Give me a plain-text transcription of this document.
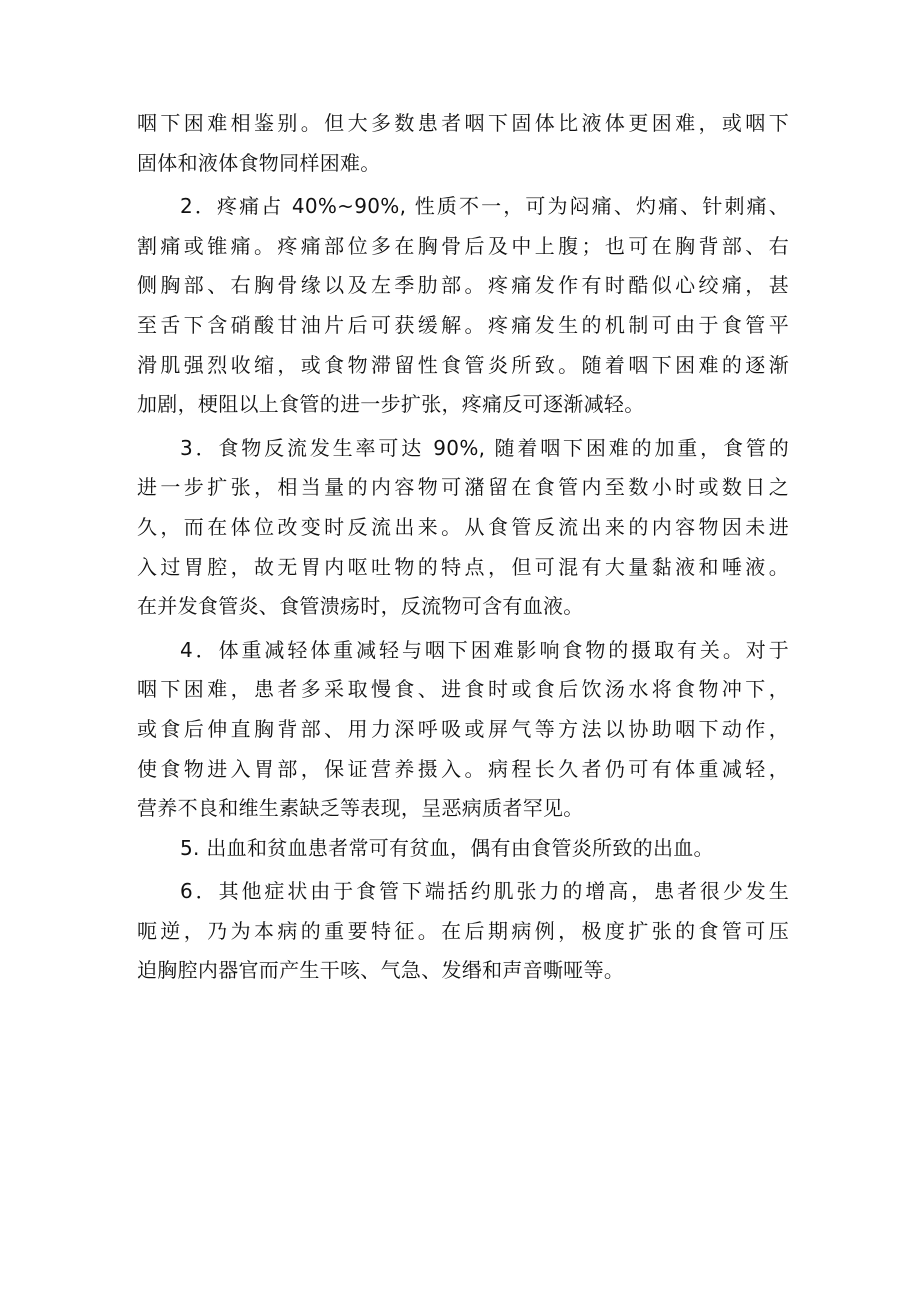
咽下困难相鉴别。但大多数患者咽下固体比液体更困难，或咽下
固体和液体食物同样困难。
2．疼痛占 40%~90%, 性质不一，可为闷痛、灼痛、针刺痛、
割痛或锥痛。疼痛部位多在胸骨后及中上腹；也可在胸背部、右
侧胸部、右胸骨缘以及左季肋部。疼痛发作有时酷似心绞痛，甚
至舌下含硝酸甘油片后可获缓解。疼痛发生的机制可由于食管平
滑肌强烈收缩，或食物滞留性食管炎所致。随着咽下困难的逐渐
加剧，梗阻以上食管的进一步扩张，疼痛反可逐渐减轻。
3．食物反流发生率可达 90%, 随着咽下困难的加重，食管的
进一步扩张，相当量的内容物可潴留在食管内至数小时或数日之
久，而在体位改变时反流出来。从食管反流出来的内容物因未进
入过胃腔，故无胃内呕吐物的特点，但可混有大量黏液和唾液。
在并发食管炎、食管溃疡时，反流物可含有血液。
4．体重减轻体重减轻与咽下困难影响食物的摄取有关。对于
咽下困难，患者多采取慢食、进食时或食后饮汤水将食物冲下，
或食后伸直胸背部、用力深呼吸或屏气等方法以协助咽下动作，
使食物进入胃部，保证营养摄入。病程长久者仍可有体重减轻，
营养不良和维生素缺乏等表现，呈恶病质者罕见。
5. 出血和贫血患者常可有贫血，偶有由食管炎所致的出血。
6．其他症状由于食管下端括约肌张力的增高，患者很少发生
呃逆，乃为本病的重要特征。在后期病例，极度扩张的食管可压
迫胸腔内器官而产生干咳、气急、发缗和声音嘶哑等。
